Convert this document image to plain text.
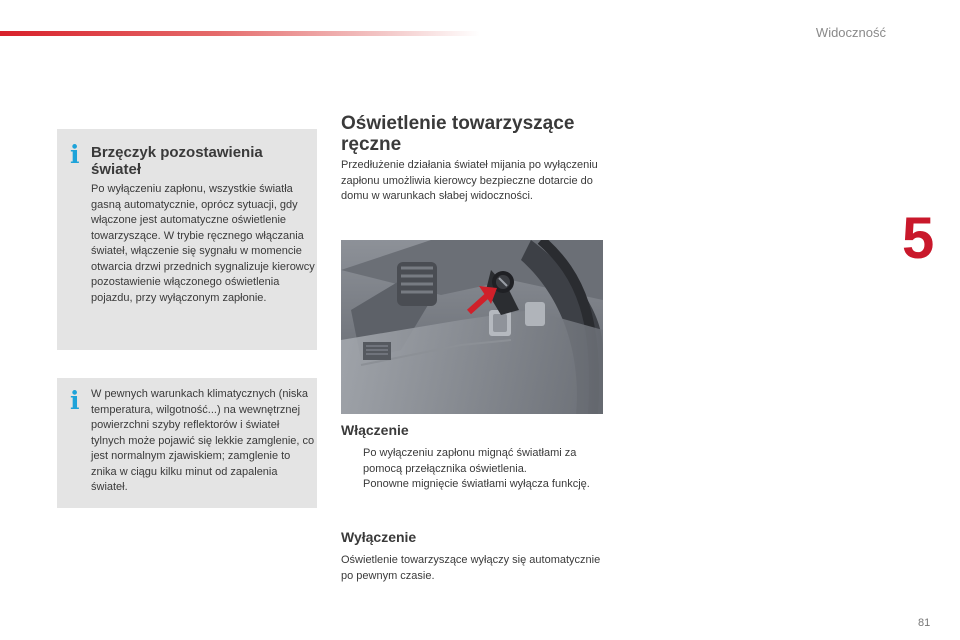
Widoczność
5
i Brzęczyk pozostawienia świateł

Po wyłączeniu zapłonu, wszystkie światła gasną automatycznie, oprócz sytuacji, gdy włączone jest automatyczne oświetlenie towarzyszące. W trybie ręcznego włączania świateł, włączenie się sygnału w momencie otwarcia drzwi przednich sygnalizuje kierowcy pozostawienie włączonego oświetlenia pojazdu, przy wyłączonym zapłonie.

i W pewnych warunkach klimatycznych (niska temperatura, wilgotność...) na wewnętrznej powierzchni szyby reflektorów i świateł tylnych może pojawić się lekkie zamglenie, co jest normalnym zjawiskiem; zamglenie to znika w ciągu kilku minut od zapalenia świateł.

Oświetlenie towarzyszące ręczne

Przedłużenie działania świateł mijania po wyłączeniu zapłonu umożliwia kierowcy bezpieczne dotarcie do domu w warunkach słabej widoczności.

Włączenie
Po wyłączeniu zapłonu mignąć światłami za pomocą przełącznika oświetlenia.
Ponowne mignięcie światłami wyłącza funkcję.
Wyłączenie

Oświetlenie towarzyszące wyłączy się automatycznie po pewnym czasie.

81
